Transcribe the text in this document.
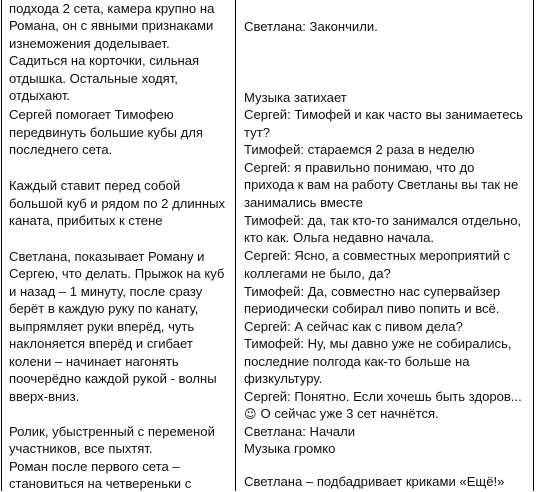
подхода 2 сета, камера крупно на
Романа, он с явными признаками
изнеможения доделывает.
Садиться на корточки, сильная
отдышка. Остальные ходят,
отдыхают.
Сергей помогает Тимофею
передвинуть большие кубы для
последнего сета.
Каждый ставит перед собой
большой куб и рядом по 2 длинных
каната, прибитых к стене
Светлана, показывает Роману и
Сергею, что делать. Прыжок на куб
и назад – 1 минуту, после сразу
берёт в каждую руку по канату,
выпрямляет руки вперёд, чуть
наклоняется вперёд и сгибает
колени – начинает нагонять
поочерёдно каждой рукой - волны
вверх-вниз.
Ролик, убыстренный с переменой
участников, все пыхтят.
Роман после первого сета –
становиться на четвереньки с
Светлана: Закончили.
Музыка затихает
Сергей: Тимофей и как часто вы занимаетесь
тут?
Тимофей: стараемся 2 раза в неделю
Сергей: я правильно понимаю, что до
прихода к вам на работу Светланы вы так не
занимались вместе
Тимофей: да, так кто-то занимался отдельно,
кто как. Ольга недавно начала.
Сергей: Ясно, а совместных мероприятий с
коллегами не было, да?
Тимофей: Да, совместно нас супервайзер
периодически собирал пиво попить и всё.
Сергей: А сейчас как с пивом дела?
Тимофей: Ну, мы давно уже не собирались,
последние полгода как-то больше на
физкультуру.
Сергей: Понятно. Если хочешь быть здоров...
☺ О сейчас уже 3 сет начнётся.
Светлана: Начали
Музыка громко
Светлана – подбадривает криками «Ещё!»
